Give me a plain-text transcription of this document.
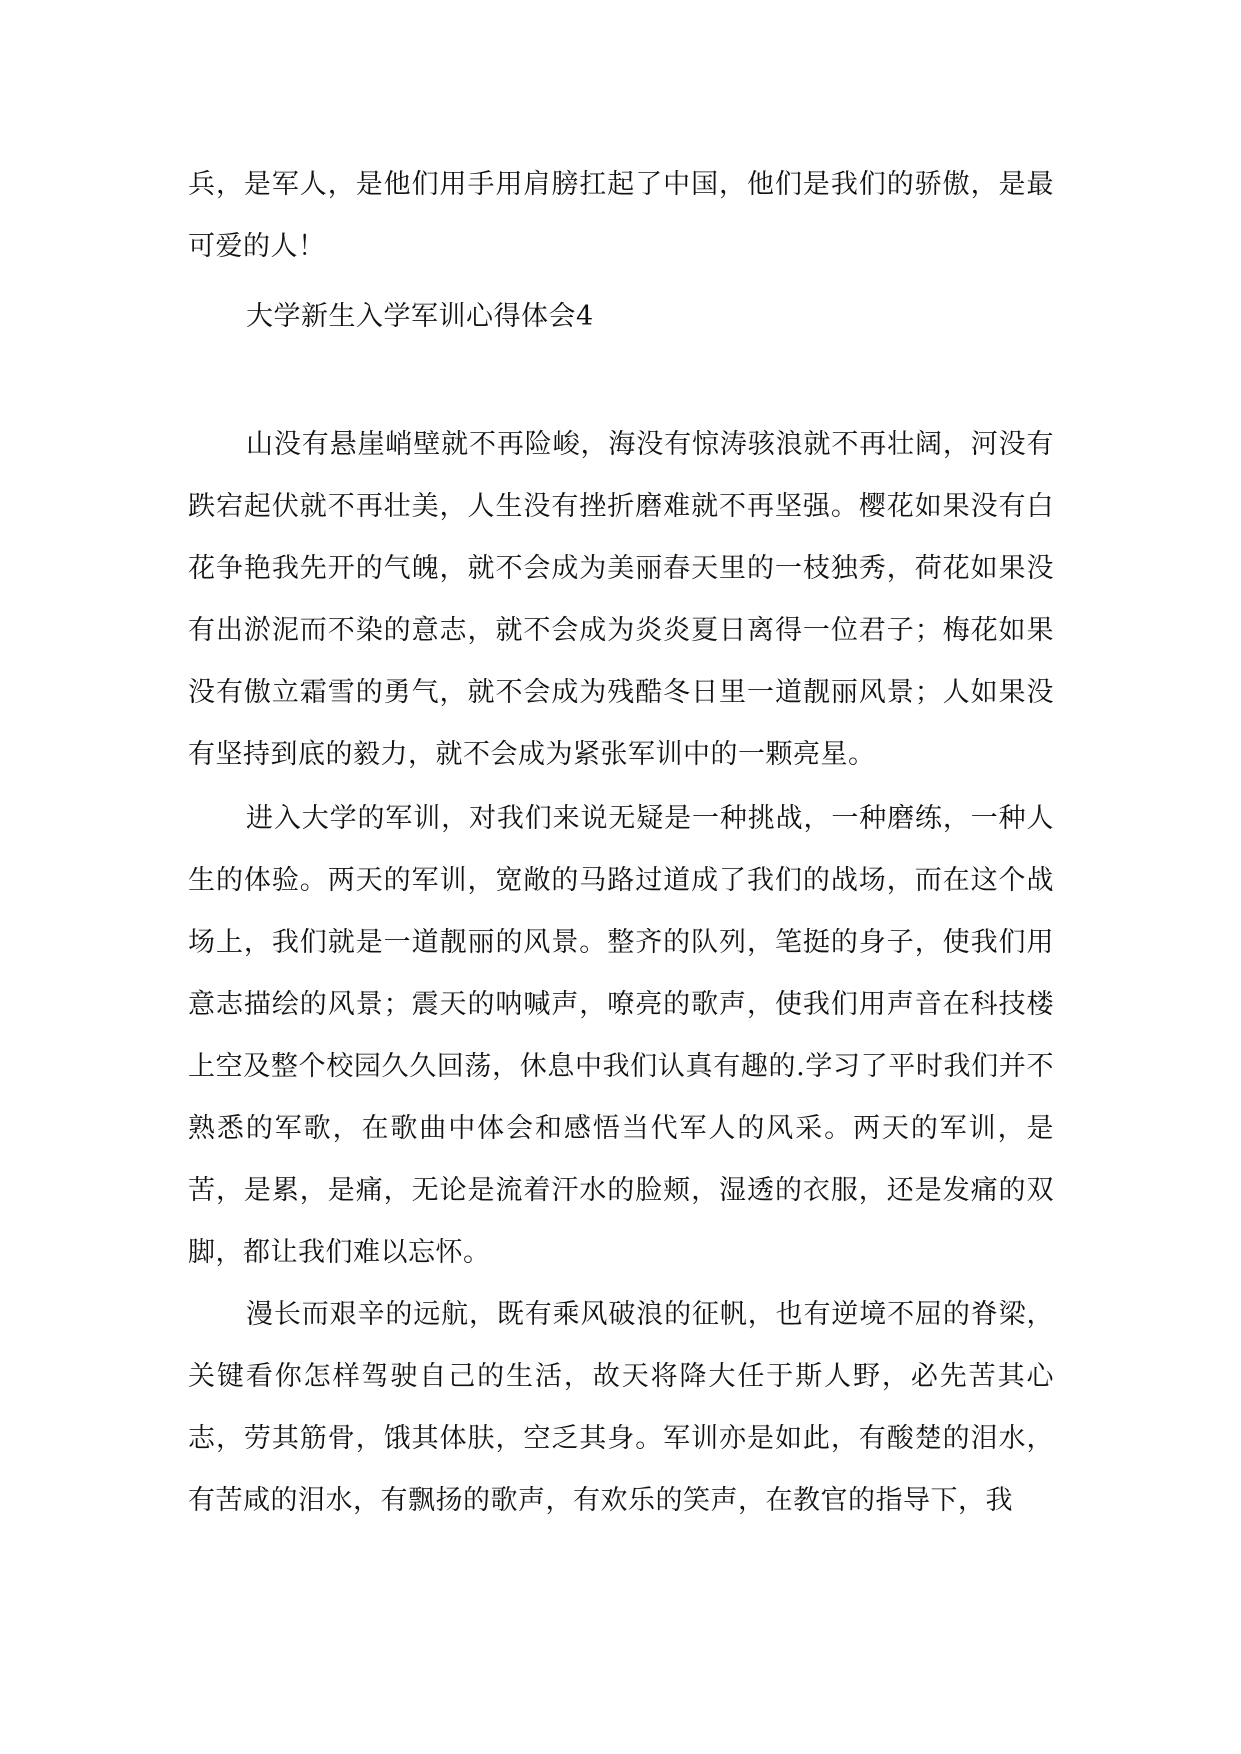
兵，是军人，是他们用手用肩膀扛起了中国，他们是我们的骄傲，是最可爱的人！

大学新生入学军训心得体会4

山没有悬崖峭壁就不再险峻，海没有惊涛骇浪就不再壮阔，河没有跌宕起伏就不再壮美，人生没有挫折磨难就不再坚强。樱花如果没有白花争艳我先开的气魄，就不会成为美丽春天里的一枝独秀，荷花如果没有出淤泥而不染的意志，就不会成为炎炎夏日离得一位君子；梅花如果没有傲立霜雪的勇气，就不会成为残酷冬日里一道靓丽风景；人如果没有坚持到底的毅力，就不会成为紧张军训中的一颗亮星。

进入大学的军训，对我们来说无疑是一种挑战，一种磨练，一种人生的体验。两天的军训，宽敞的马路过道成了我们的战场，而在这个战场上，我们就是一道靓丽的风景。整齐的队列，笔挺的身子，使我们用意志描绘的风景；震天的呐喊声，嘹亮的歌声，使我们用声音在科技楼上空及整个校园久久回荡，休息中我们认真有趣的.学习了平时我们并不熟悉的军歌，在歌曲中体会和感悟当代军人的风采。两天的军训，是苦，是累，是痛，无论是流着汗水的脸颊，湿透的衣服，还是发痛的双脚，都让我们难以忘怀。

漫长而艰辛的远航，既有乘风破浪的征帆，也有逆境不屈的脊梁，关键看你怎样驾驶自己的生活，故天将降大任于斯人野，必先苦其心志，劳其筋骨，饿其体肤，空乏其身。军训亦是如此，有酸楚的泪水，有苦咸的泪水，有飘扬的歌声，有欢乐的笑声，在教官的指导下，我
